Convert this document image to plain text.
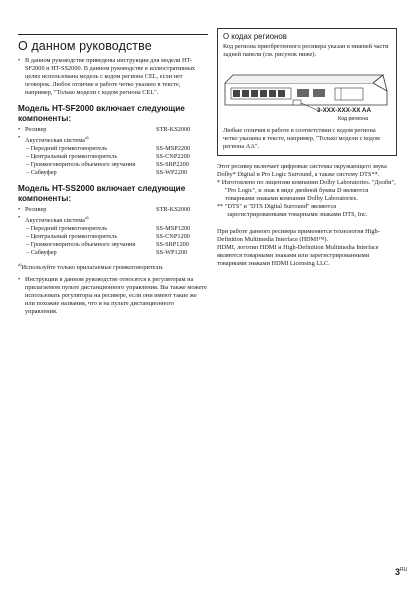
О данном руководстве
• В данном руководстве приведены инструкции для модели HT-SF2000 и HT-SS2000. В данном руководстве в иллюстративных целях использована модель с кодом региона CEL, если нет оговорок. Любое отличие в работе четко указано в тексте, например, "Только модели с кодом региона CEL".
Модель HT-SF2000 включает следующие компоненты:
• Ресивер	STR-KS2000
• Акустическая система$^{a)}$
– Передний громкоговоритель	SS-MSP2200
– Центральный громкоговоритель	SS-CNP2200
– Громкоговоритель объемного звучания	SS-SRP2200
– Сабвуфер	SS-WP2200
Модель HT-SS2000 включает следующие компоненты:
• Ресивер	STR-KS2000
• Акустическая система$^{a)}$
– Передний громкоговоритель	SS-MSP1200
– Центральный громкоговоритель	SS-CNP1200
– Громкоговоритель объемного звучания	SS-SRP1200
– Сабвуфер	SS-WP1200
$^{a)}$Используйте только прилагаемые громкоговорители.
• Инструкции в данном руководстве относятся к регуляторам на прилагаемом пульте дистанционного управления. Вы также можете использовать регуляторы на ресивере, если они имеют такие же или похожие названия, что и на пульте дистанционного управления.
О кодах регионов

Код региона приобретенного ресивера указан в нижней части задней панели (см. рисунок ниже).

3-XXX-XXX-XX AA
Код региона

Любые отличия в работе в соответствии с кодом региона четко указаны в тексте, например, "Только модели с кодом региона AA".

Этот ресивер включает цифровые системы окружающего звука Dolby* Digital и Pro Logic Surround, а также систему DTS**.

* Изготовлено по лицензии компании Dolby Laboratories. "Долби", "Pro Logic", и знак в виде двойной буквы D являются товарными знаками компании Dolby Laboratories.

** "DTS" и "DTS Digital Surround" являются зарегистрированными товарными знаками DTS, Inc.

При работе данного ресивера применяется технология High-Definition Multimedia Interface (HDMI™).

HDMI, логотип HDMI и High-Definition Multimedia Interface являются товарными знаками или зарегистрированными товарными знаками HDMI Licensing LLC.

$3^{RU}$
